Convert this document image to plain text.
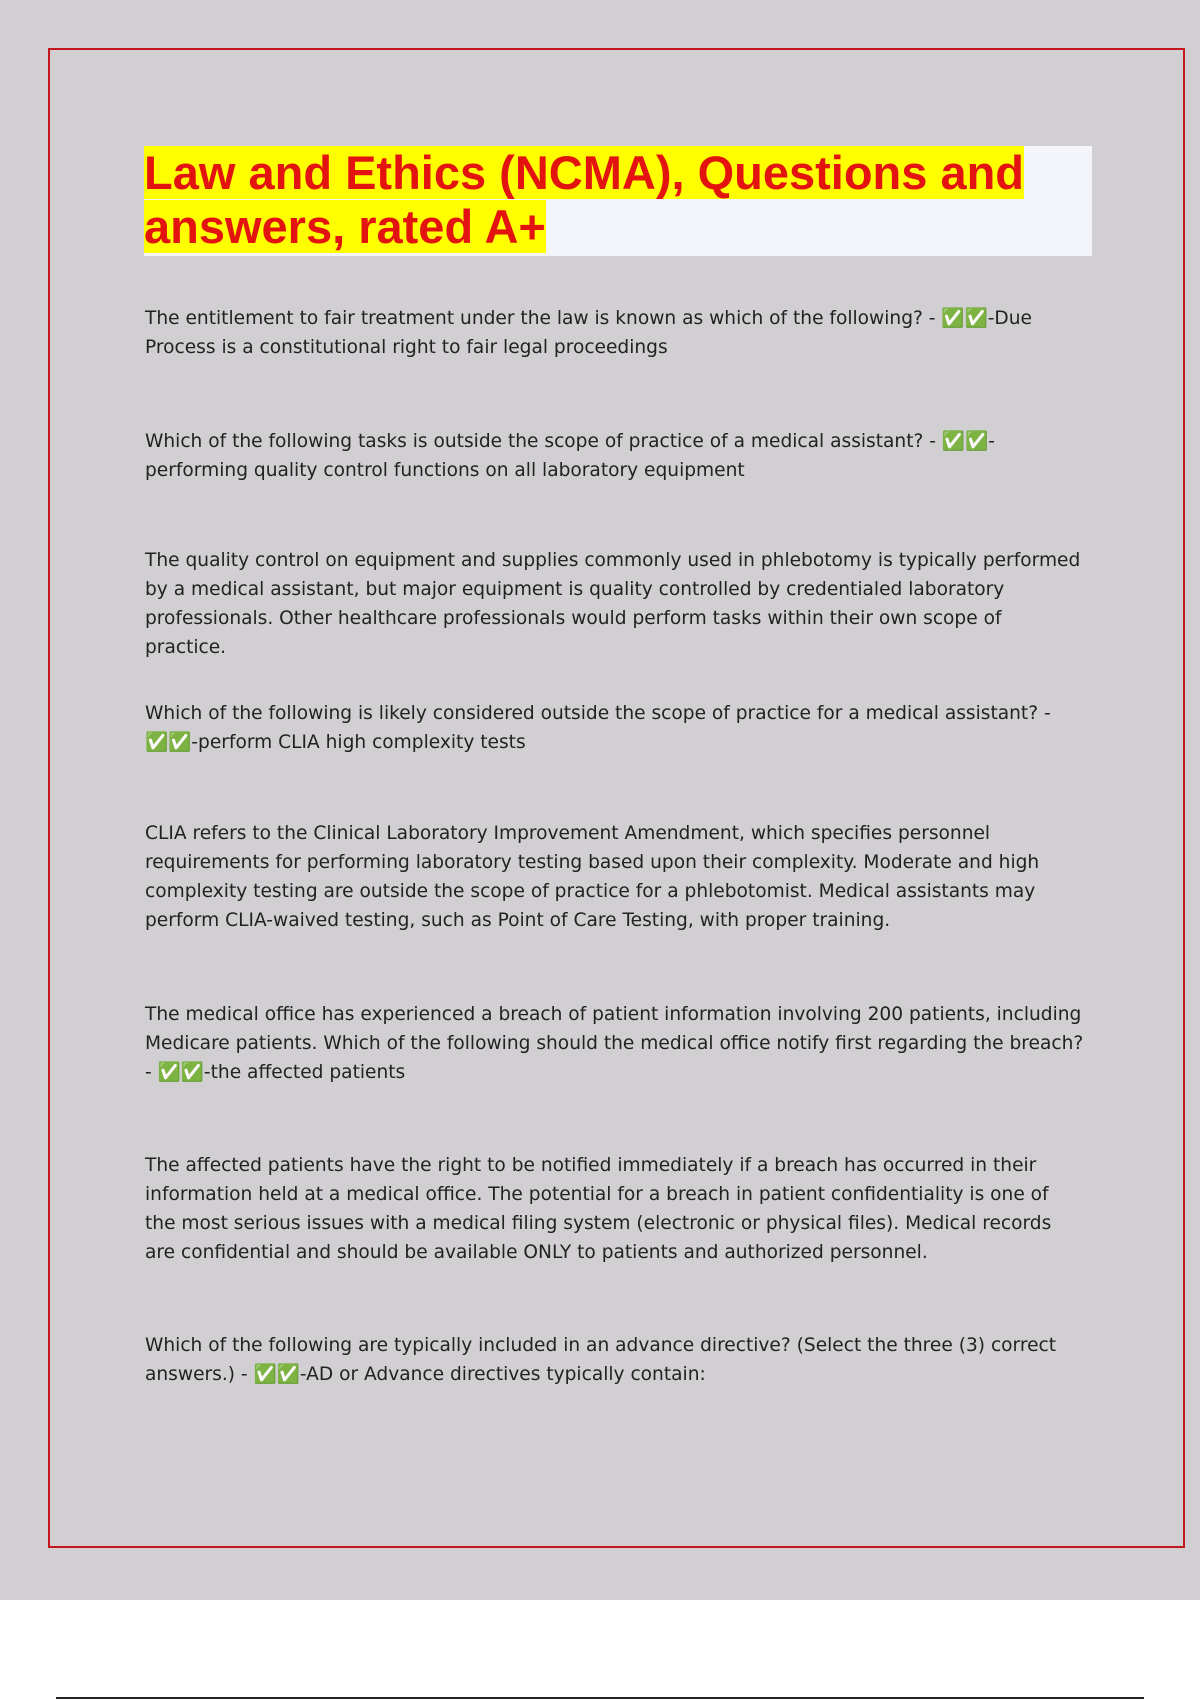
Law and Ethics (NCMA), Questions and answers, rated A+

The entitlement to fair treatment under the law is known as which of the following? - ✅✅-Due Process is a constitutional right to fair legal proceedings

Which of the following tasks is outside the scope of practice of a medical assistant? - ✅✅-performing quality control functions on all laboratory equipment

The quality control on equipment and supplies commonly used in phlebotomy is typically performed by a medical assistant, but major equipment is quality controlled by credentialed laboratory professionals. Other healthcare professionals would perform tasks within their own scope of practice.

Which of the following is likely considered outside the scope of practice for a medical assistant? - ✅✅-perform CLIA high complexity tests

CLIA refers to the Clinical Laboratory Improvement Amendment, which specifies personnel requirements for performing laboratory testing based upon their complexity. Moderate and high complexity testing are outside the scope of practice for a phlebotomist. Medical assistants may perform CLIA-waived testing, such as Point of Care Testing, with proper training.

The medical office has experienced a breach of patient information involving 200 patients, including Medicare patients. Which of the following should the medical office notify first regarding the breach? - ✅✅-the affected patients

The affected patients have the right to be notified immediately if a breach has occurred in their information held at a medical office. The potential for a breach in patient confidentiality is one of the most serious issues with a medical filing system (electronic or physical files). Medical records are confidential and should be available ONLY to patients and authorized personnel.

Which of the following are typically included in an advance directive? (Select the three (3) correct answers.) - ✅✅-AD or Advance directives typically contain:
